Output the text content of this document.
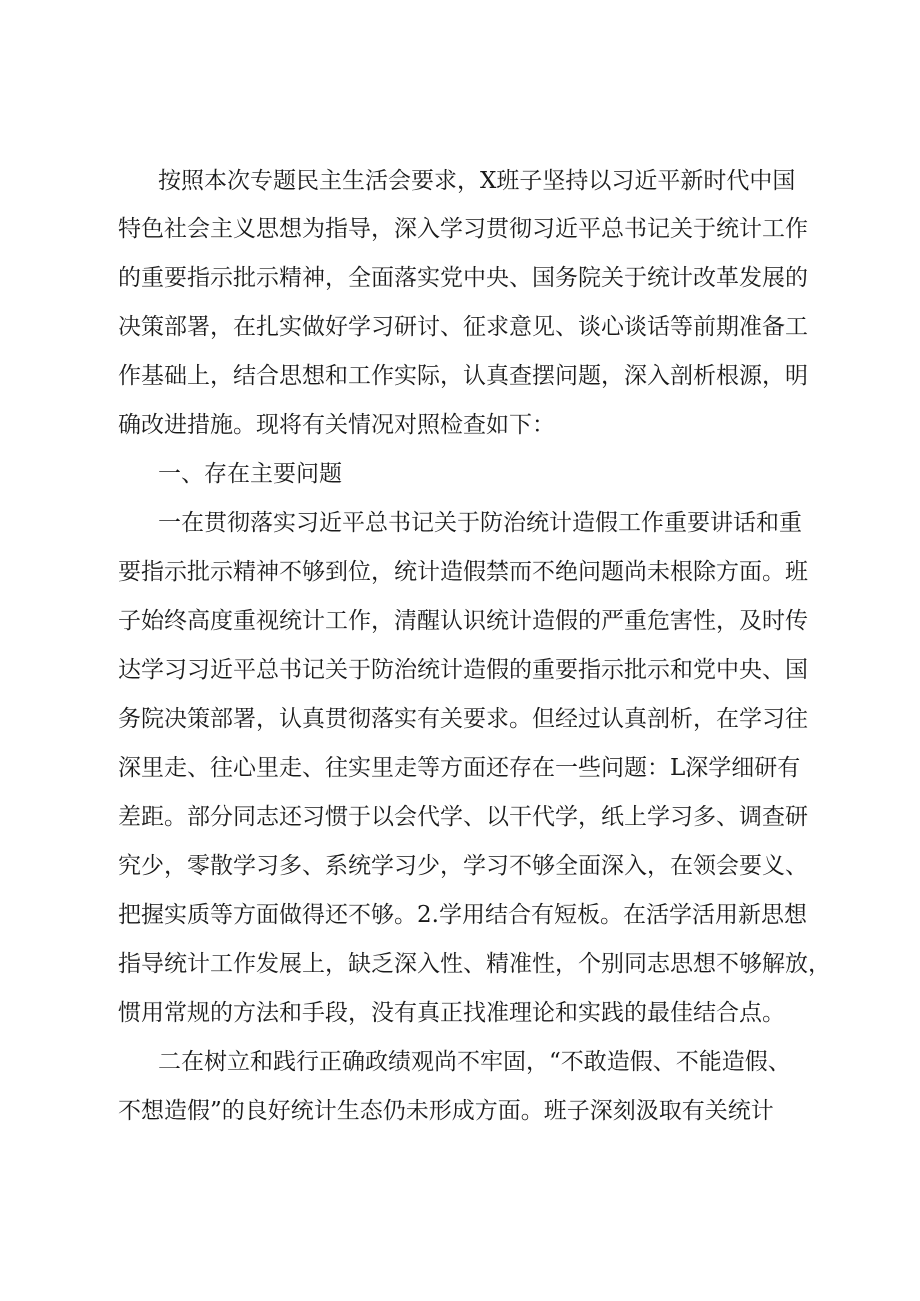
按照本次专题民主生活会要求，X班子坚持以习近平新时代中国

特色社会主义思想为指导，深入学习贯彻习近平总书记关于统计工作

的重要指示批示精神，全面落实党中央、国务院关于统计改革发展的

决策部署，在扎实做好学习研讨、征求意见、谈心谈话等前期准备工

作基础上，结合思想和工作实际，认真查摆问题，深入剖析根源，明

确改进措施。现将有关情况对照检查如下：

一、存在主要问题

一在贯彻落实习近平总书记关于防治统计造假工作重要讲话和重

要指示批示精神不够到位，统计造假禁而不绝问题尚未根除方面。班

子始终高度重视统计工作，清醒认识统计造假的严重危害性，及时传

达学习习近平总书记关于防治统计造假的重要指示批示和党中央、国

务院决策部署，认真贯彻落实有关要求。但经过认真剖析，在学习往

深里走、往心里走、往实里走等方面还存在一些问题：L深学细研有

差距。部分同志还习惯于以会代学、以干代学，纸上学习多、调查研

究少，零散学习多、系统学习少，学习不够全面深入，在领会要义、

把握实质等方面做得还不够。2.学用结合有短板。在活学活用新思想

指导统计工作发展上，缺乏深入性、精准性，个别同志思想不够解放，

惯用常规的方法和手段，没有真正找准理论和实践的最佳结合点。

二在树立和践行正确政绩观尚不牢固，“不敢造假、不能造假、

不想造假”的良好统计生态仍未形成方面。班子深刻汲取有关统计
